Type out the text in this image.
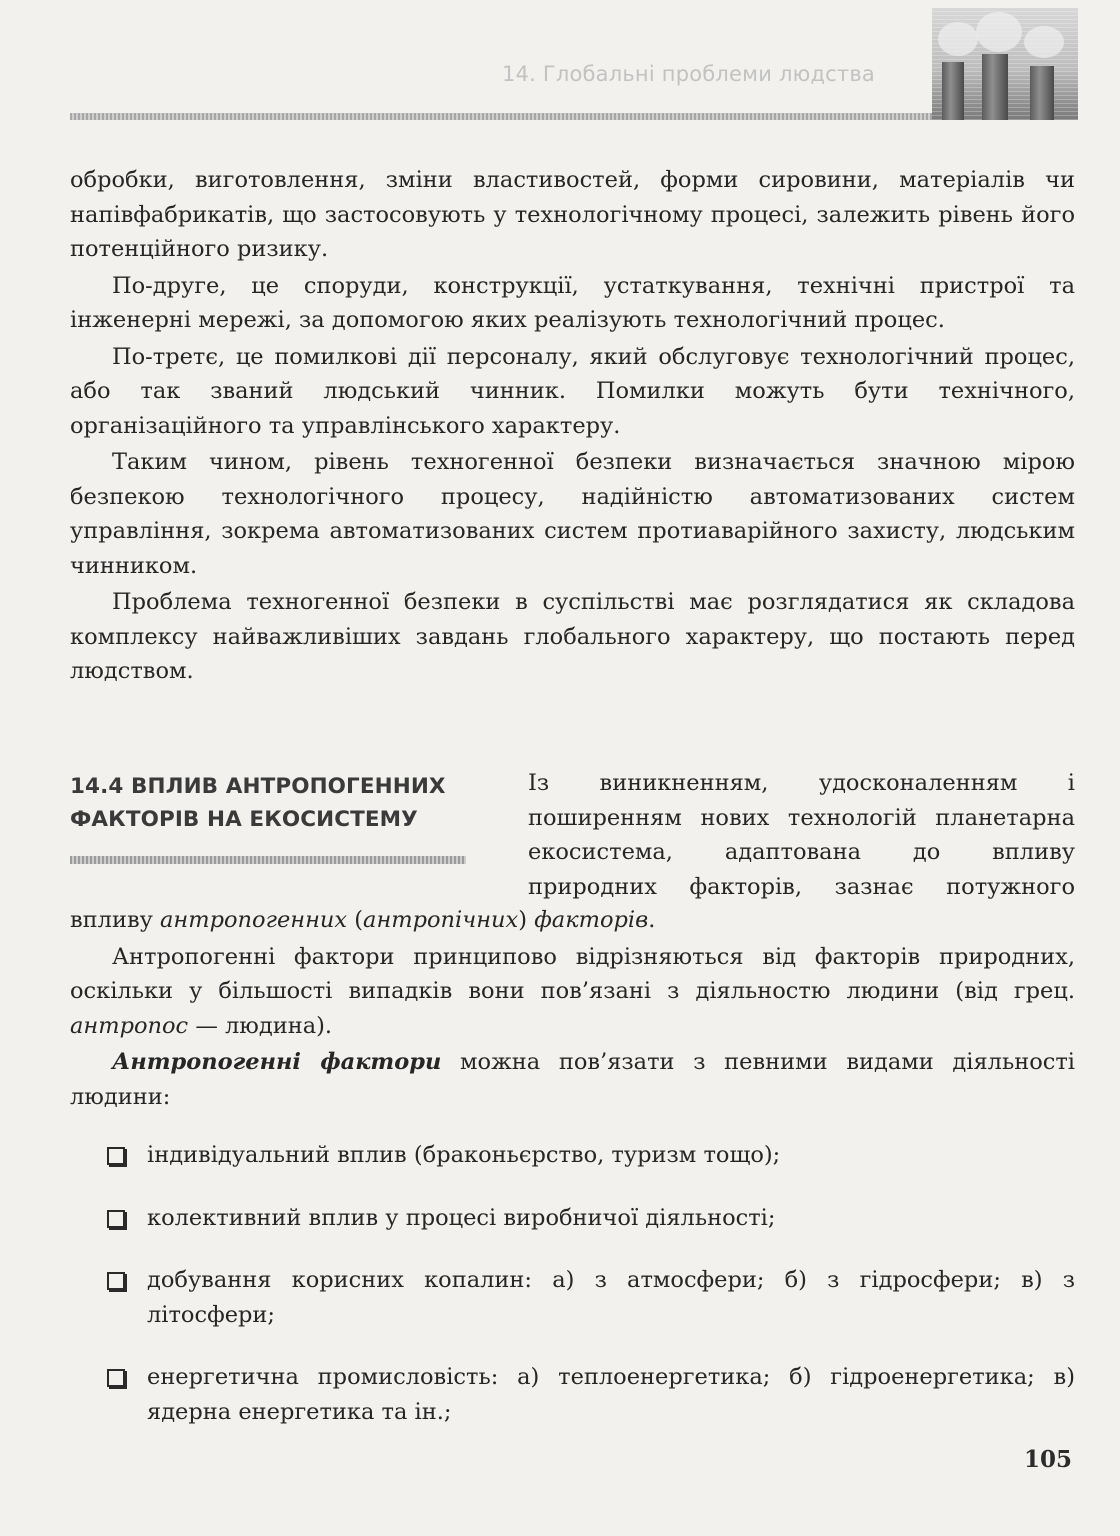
14. Глобальні проблеми людства

обробки, виготовлення, зміни властивостей, форми сировини, матеріалів чи напівфабрикатів, що застосовують у технологічному процесі, залежить рівень його потенційного ризику.

По-друге, це споруди, конструкції, устаткування, технічні пристрої та інженерні мережі, за допомогою яких реалізують технологічний процес.

По-третє, це помилкові дії персоналу, який обслуговує технологічний процес, або так званий людський чинник. Помилки можуть бути технічного, організаційного та управлінського характеру.

Таким чином, рівень техногенної безпеки визначається значною мірою безпекою технологічного процесу, надійністю автоматизованих систем управління, зокрема автоматизованих систем протиаварійного захисту, людським чинником.

Проблема техногенної безпеки в суспільстві має розглядатися як складова комплексу найважливіших завдань глобального характеру, що постають перед людством.

14.4 ВПЛИВ АНТРОПОГЕННИХ
ФАКТОРІВ НА ЕКОСИСТЕМУ

Із виникненням, удосконаленням і поширенням нових технологій планетарна екосистема, адаптована до впливу природних факторів, зазнає потужного

впливу антропогенних (антропічних) факторів.

Антропогенні фактори принципово відрізняються від факторів природних, оскільки у більшості випадків вони пов’язані з діяльностю людини (від грец. антропос — людина).

Антропогенні фактори можна пов’язати з певними видами діяльності людини:

індивідуальний вплив (браконьєрство, туризм тощо);
колективний вплив у процесі виробничої діяльності;
добування корисних копалин: а) з атмосфери; б) з гідросфери; в) з літосфери;
енергетична промисловість: а) теплоенергетика; б) гідроенергетика; в) ядерна енергетика та ін.;
105
